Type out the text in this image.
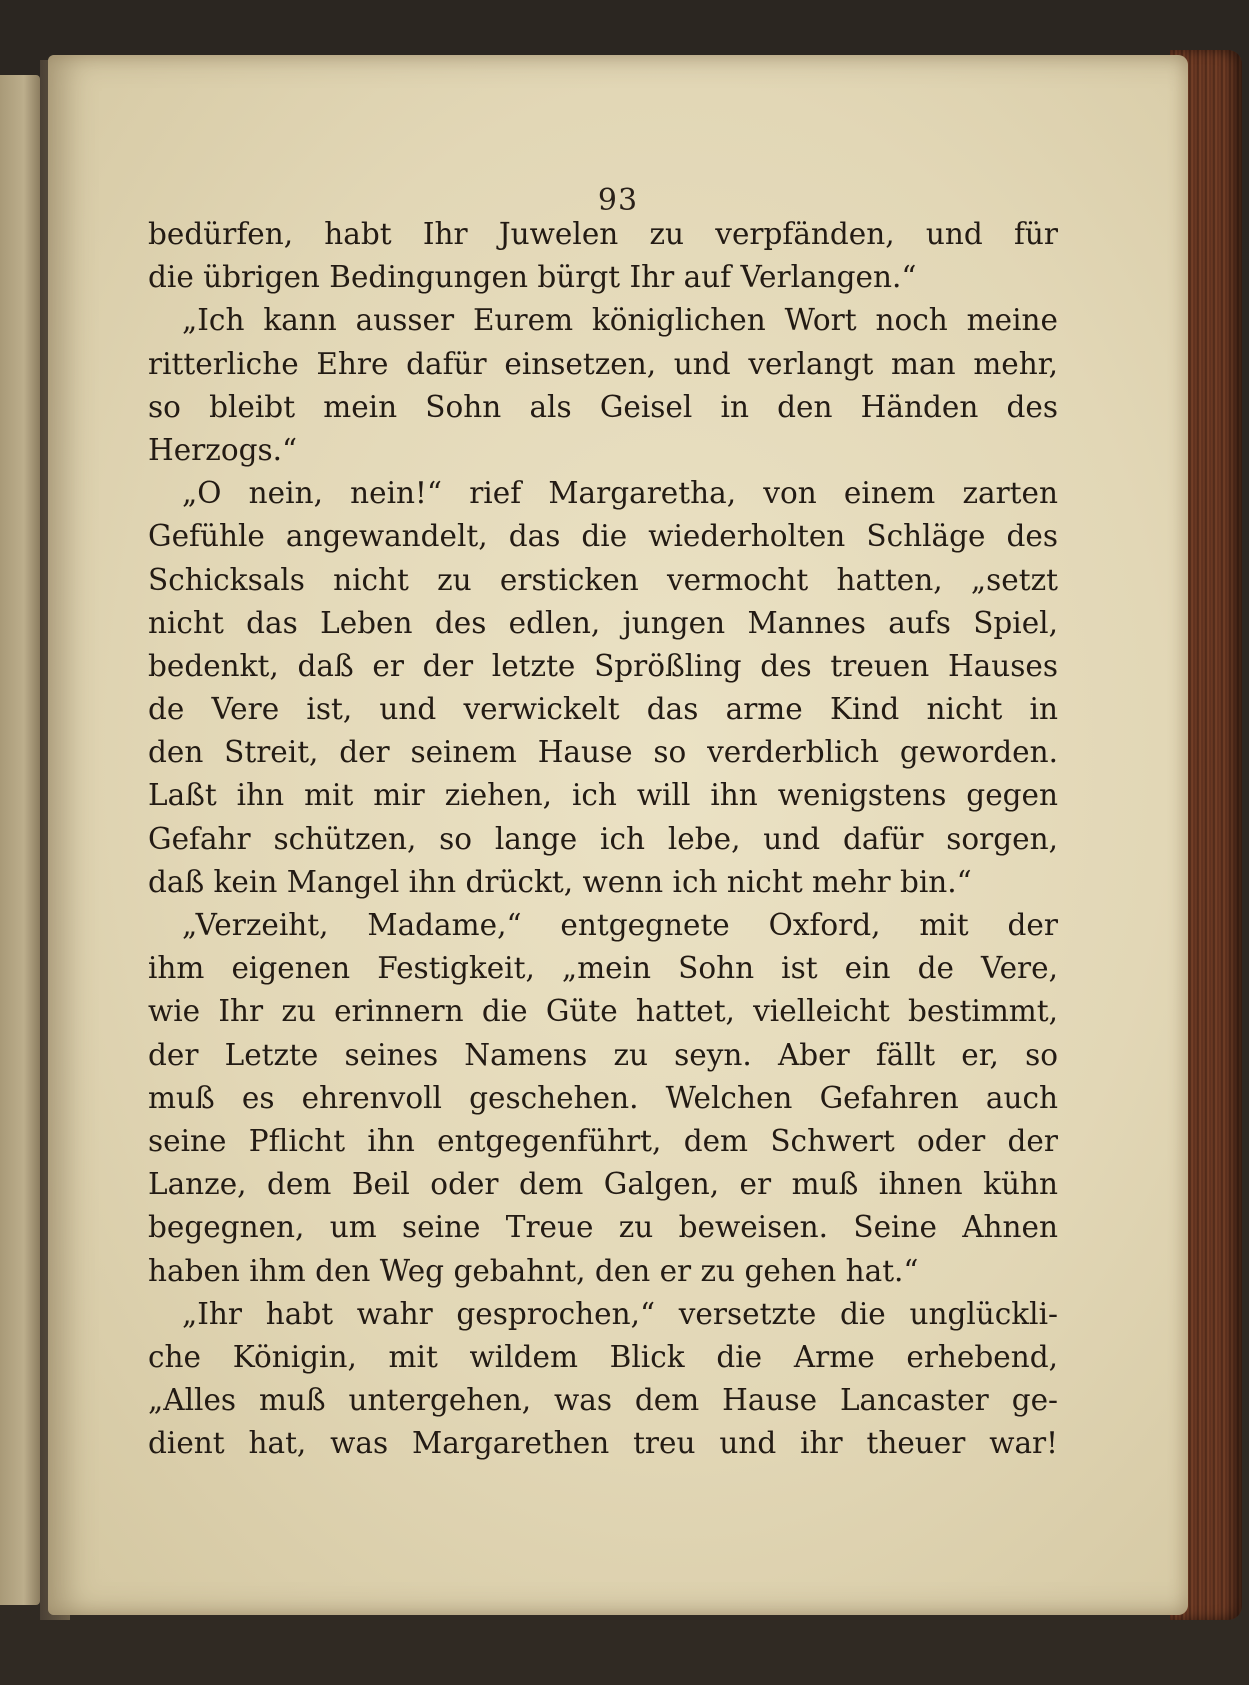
93
bedürfen, habt Ihr Juwelen zu verpfänden, und für
die übrigen Bedingungen bürgt Ihr auf Verlangen.“
„Ich kann ausser Eurem königlichen Wort noch meine
ritterliche Ehre dafür einsetzen, und verlangt man mehr,
so bleibt mein Sohn als Geisel in den Händen des
Herzogs.“
„O nein, nein!“ rief Margaretha, von einem zarten
Gefühle angewandelt, das die wiederholten Schläge des
Schicksals nicht zu ersticken vermocht hatten, „setzt
nicht das Leben des edlen, jungen Mannes aufs Spiel,
bedenkt, daß er der letzte Sprößling des treuen Hauses
de Vere ist, und verwickelt das arme Kind nicht in
den Streit, der seinem Hause so verderblich geworden.
Laßt ihn mit mir ziehen, ich will ihn wenigstens gegen
Gefahr schützen, so lange ich lebe, und dafür sorgen,
daß kein Mangel ihn drückt, wenn ich nicht mehr bin.“
„Verzeiht, Madame,“ entgegnete Oxford, mit der
ihm eigenen Festigkeit, „mein Sohn ist ein de Vere,
wie Ihr zu erinnern die Güte hattet, vielleicht bestimmt,
der Letzte seines Namens zu seyn. Aber fällt er, so
muß es ehrenvoll geschehen. Welchen Gefahren auch
seine Pflicht ihn entgegenführt, dem Schwert oder der
Lanze, dem Beil oder dem Galgen, er muß ihnen kühn
begegnen, um seine Treue zu beweisen. Seine Ahnen
haben ihm den Weg gebahnt, den er zu gehen hat.“
„Ihr habt wahr gesprochen,“ versetzte die unglückli-
che Königin, mit wildem Blick die Arme erhebend,
„Alles muß untergehen, was dem Hause Lancaster ge-
dient hat, was Margarethen treu und ihr theuer war!
